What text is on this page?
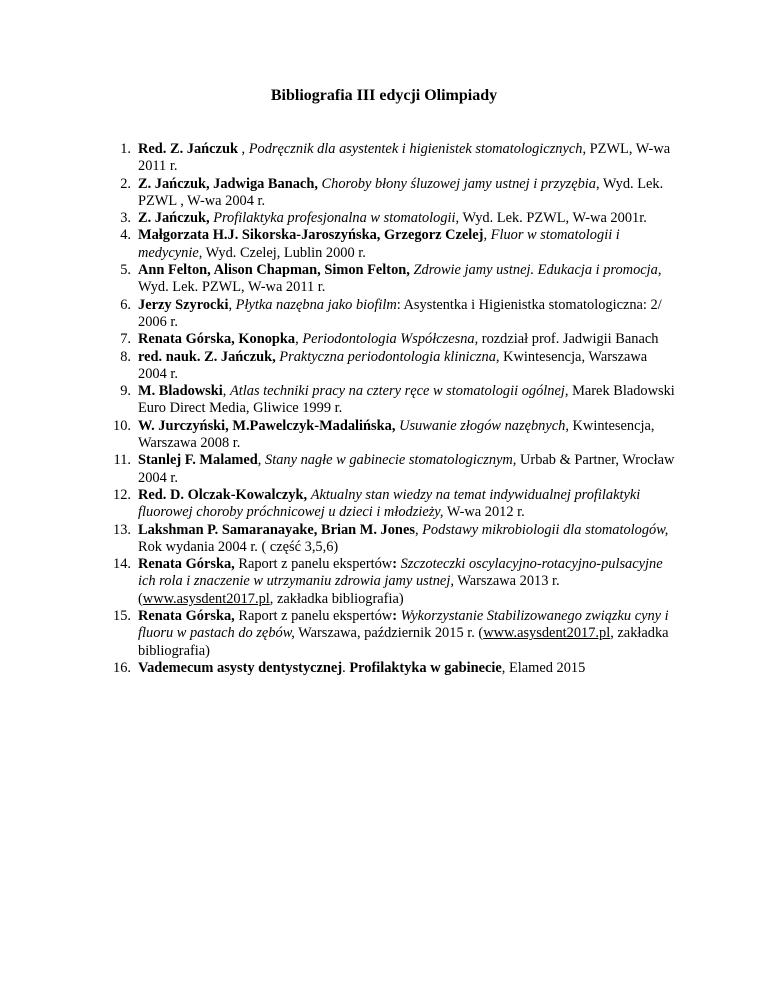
Bibliografia III edycji Olimpiady
1. Red. Z. Jańczuk , Podręcznik dla asystentek i higienistek stomatologicznych, PZWL, W-wa 2011 r.
2. Z. Jańczuk, Jadwiga Banach, Choroby błony śluzowej jamy ustnej i przyzębia, Wyd. Lek. PZWL , W-wa 2004 r.
3. Z. Jańczuk, Profilaktyka profesjonalna w stomatologii, Wyd. Lek. PZWL, W-wa 2001r.
4. Małgorzata H.J. Sikorska-Jaroszyńska, Grzegorz Czelej, Fluor w stomatologii i medycynie, Wyd. Czelej, Lublin 2000 r.
5. Ann Felton, Alison Chapman, Simon Felton, Zdrowie jamy ustnej. Edukacja i promocja, Wyd. Lek. PZWL, W-wa 2011 r.
6. Jerzy Szyrocki, Płytka nazębna jako biofilm: Asystentka i Higienistka stomatologiczna: 2/ 2006 r.
7. Renata Górska, Konopka, Periodontologia Współczesna, rozdział prof. Jadwigii Banach
8. red. nauk. Z. Jańczuk, Praktyczna periodontologia kliniczna, Kwintesencja, Warszawa 2004 r.
9. M. Bladowski, Atlas techniki pracy na cztery ręce w stomatologii ogólnej, Marek Bladowski Euro Direct Media, Gliwice 1999 r.
10. W. Jurczyński, M.Pawelczyk-Madalińska, Usuwanie złogów nazębnych, Kwintesencja, Warszawa 2008 r.
11. Stanlej F. Malamed, Stany nagłe w gabinecie stomatologicznym, Urbab & Partner, Wrocław 2004 r.
12. Red. D. Olczak-Kowalczyk, Aktualny stan wiedzy na temat indywidualnej profilaktyki fluorowej choroby próchnicowej u dzieci i młodzieży, W-wa 2012 r.
13. Lakshman P. Samaranayake, Brian M. Jones, Podstawy mikrobiologii dla stomatologów, Rok wydania 2004 r. ( część 3,5,6)
14. Renata Górska, Raport z panelu ekspertów: Szczoteczki oscylacyjno-rotacyjno-pulsacyjne ich rola i znaczenie w utrzymaniu zdrowia jamy ustnej, Warszawa 2013 r. (www.asysdent2017.pl, zakładka bibliografia)
15. Renata Górska, Raport z panelu ekspertów: Wykorzystanie Stabilizowanego związku cyny i fluoru w pastach do zębów, Warszawa, październik 2015 r. (www.asysdent2017.pl, zakładka bibliografia)
16. Vademecum asysty dentystycznej. Profilaktyka w gabinecie, Elamed 2015
